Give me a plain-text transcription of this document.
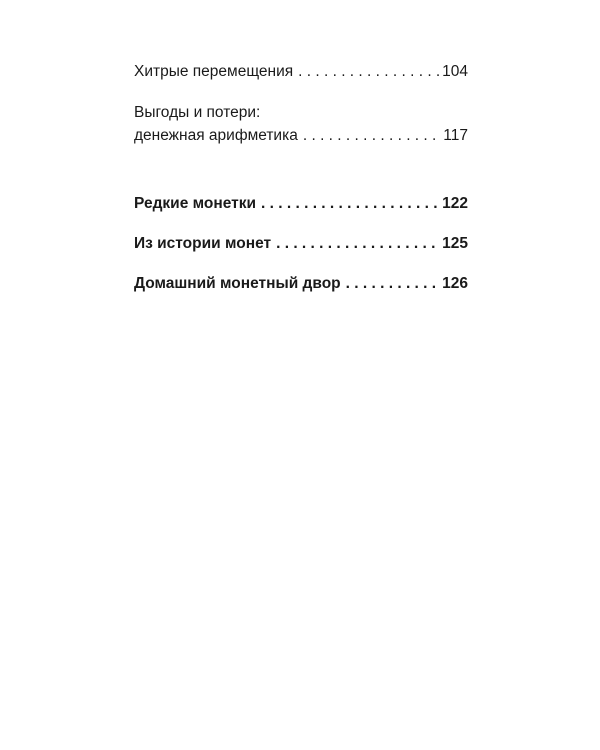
Хитрые перемещения . . .	104
Выгоды и потери:
денежная арифметика . . .	117
Редкие монетки . . .	122
Из истории монет . . .	125
Домашний монетный двор . . .	126
